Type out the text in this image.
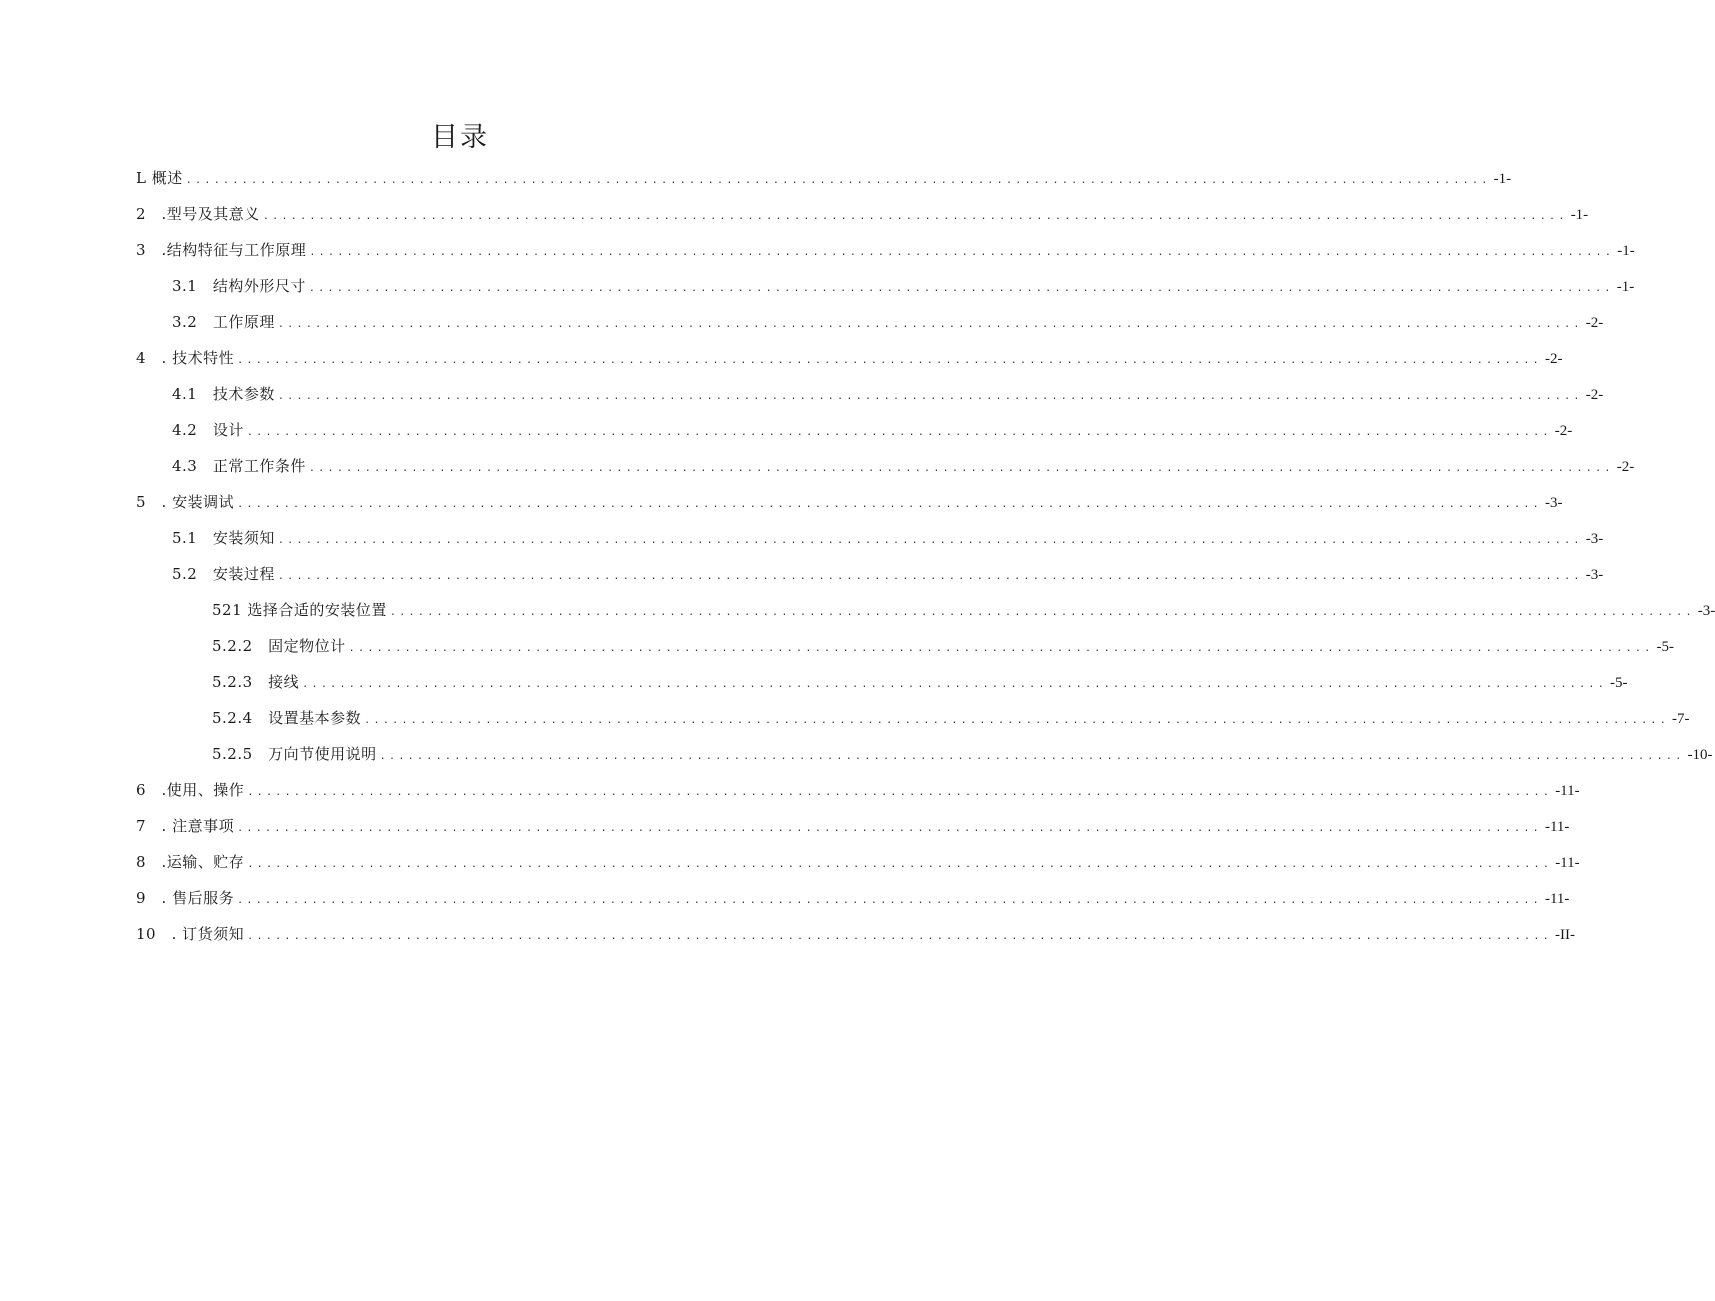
目录
L 概述 ............................................................................................................................................ -1-
2　.型号及其意义 ............................................................................................................................................ -1-
3　.结构特征与工作原理 ............................................................................................................................................ -1-
3.1　结构外形尺寸 ............................................................................................................................................ -1-
3.2　工作原理 ............................................................................................................................................ -2-
4　. 技术特性 ............................................................................................................................................ -2-
4.1　技术参数 ............................................................................................................................................ -2-
4.2　设计 ............................................................................................................................................ -2-
4.3　正常工作条件 ............................................................................................................................................ -2-
5　. 安装调试 ............................................................................................................................................ -3-
5.1　安装须知 ............................................................................................................................................ -3-
5.2　安装过程 ............................................................................................................................................ -3-
521 选择合适的安装位置 ............................................................................................................................................ -3-
5.2.2　固定物位计 ............................................................................................................................................ -5-
5.2.3　接线 ............................................................................................................................................ -5-
5.2.4　设置基本参数 ............................................................................................................................................ -7-
5.2.5　万向节使用说明 ............................................................................................................................................ -10-
6　.使用、操作 ............................................................................................................................................ -11-
7　. 注意事项 ............................................................................................................................................ -11-
8　.运输、贮存 ............................................................................................................................................ -11-
9　. 售后服务 ............................................................................................................................................ -11-
10　. 订货须知 ............................................................................................................................................ -II-
